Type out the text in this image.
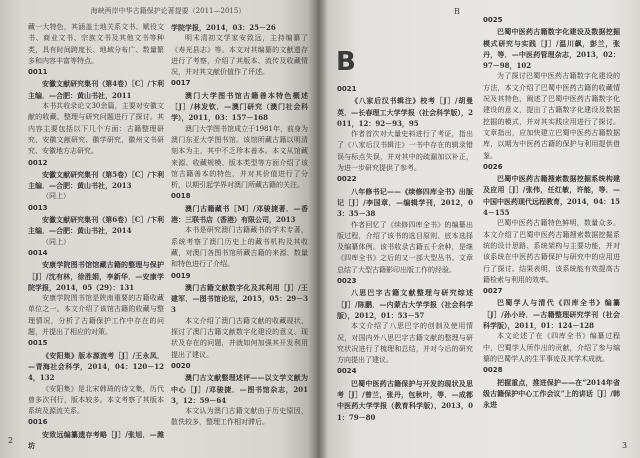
海峡两岸中华古籍保护论著提要（2011—2015）	B
藏一大特色，其涵盖土地关系文书、赋役文书、商业文书、宗族文书及其他文书等种类，具有时间跨度长、地域分布广、数量繁多和内容丰富等特点。
0011
安徽文献研究集刊（第4卷）［C］/卞利主编．—合肥：黄山书社，2011
本书共收录论文30余篇，主要对安徽文献的收藏、整理与研究问题进行了探讨。其内容主要包括以下几个方面：古籍整理研究、安徽文献研究、徽学研究、徽州文书研究、安徽地方志研究。
0012
安徽文献研究集刊（第5卷）［C］/卞利主编．—合肥：黄山书社，2013
（同上）
0013
安徽文献研究集刊（第6卷）［C］/卞利主编．—合肥：黄山书社，2014
（同上）
0014
安康学院图书馆馆藏古籍的整理与保护［J］/沈有林，徐胜娟，李新华．—安康学院学报，2014，05（29）：131
安康学院图书馆是陕南重要的古籍收藏单位之一。本文介绍了该馆古籍的收藏与整理情况，分析了古籍保护工作中存在的问题，并提出了相应的对策。
0015
《安阳集》版本源流考［J］/王永凤．—青海社会科学，2014，04：120－124，132
《安阳集》是北宋韩琦的诗文集，历代曾多次刊行，版本较多。本文考察了其版本系统及源流关系。
0016
安致远编纂遗存考略［J］/张旭．—潍坊
学院学报，2014，03：25－26
明末清初文学家安致远，主持编纂了《寿光县志》等。本文对其编纂的文献遗存进行了考察，介绍了其版本、流传及收藏情况，并对其文献价值作了评述。
0017
澳门大学图书馆古籍善本特色概述［J］/林发钦．—澳门研究（澳门社会科学），2011，03：157－168
澳门大学图书馆成立于1981年，前身为澳门东亚大学图书馆。该馆所藏古籍以明清刻本为主，其中不乏珍本善本。本文从馆藏来源、收藏规模、版本类型等方面介绍了该馆古籍善本的特色，并对其价值进行了分析，以期引起学界对澳门所藏古籍的关注。
0018
澳门古籍藏书［M］/邓骏捷著．—香港：三联书店（香港）有限公司，2013
本书是研究澳门古籍藏书的学术专著，系统考察了澳门历史上的藏书机构及其收藏，对澳门各图书馆所藏古籍的来源、数量和特色进行了介绍。
0019
澳门古籍文献数字化及其利用［J］/王建军．—图书馆论坛，2015，05：29－33
本文介绍了澳门古籍文献的收藏现状，探讨了澳门古籍文献数字化建设的意义、现状及存在的问题，并就如何加强其开发利用提出了建议。
0020
澳门古文献整理述评——以文学文献为中心［J］/邓骏捷．—图书馆杂志，2013，12：59－64
本文认为澳门古籍文献由于历史原因，散佚较多，整理工作相对滞后。
B
0021
《八家后汉书辑注》校考［J］/胡曼英．—长春理工大学学报（社会科学版），2011，12：92－93，95
作者首次对大量史料进行了考证，指出了《八家后汉书辑注》一书中存在的辑录错误与标点失误，并对其中的疏漏加以补正，为进一步研究提供了参考。
0022
八年修书记——《续修四库全书》出版记［J］/李国章．—编辑学刊，2012，03：35－38
作者回忆了《续修四库全书》的编纂出版过程，介绍了该书的选目原则、底本选择及编纂体例。该书收录古籍五千余种，是继《四库全书》之后的又一部大型丛书。文章总结了大型古籍影印出版工作的经验。
0023
八思巴字古籍文献整理与研究综述［J］/陈鹏．—内蒙古大学学报（社会科学版），2012，01：53－57
本文介绍了八思巴字的创制及使用情况，对国内外八思巴字古籍文献的整理与研究状况进行了梳理和总结，并对今后的研究方向提出了建议。
0024
巴蜀中医药古籍保护与开发的现状及思考［J］/曾兰，张丹，包秋叶，等．—成都中医药大学学报（教育科学版），2013，01：79－80
0025
巴蜀中医药古籍数字化建设及数据挖掘模式研究与实践［J］/温川飙，彭兰，张丹，等．—中医药管理杂志，2013，02：97－98，102
为了探讨巴蜀中医药古籍数字化建设的方法，本文介绍了巴蜀中医药古籍的收藏情况及其特色，阐述了巴蜀中医药古籍数字化建设的意义，提出了古籍数字化建设及数据挖掘的模式，并对其实践应用进行了探讨。文章指出，应加快建立巴蜀中医药古籍数据库，以期为中医药古籍的保护与利用提供借鉴。
0026
巴蜀中医药古籍搜索数据挖掘系统构建及应用［J］/张伟，任红敏，许能，等．—中国中医药现代远程教育，2014，04：154－155
巴蜀中医药古籍特色鲜明，数量众多。本文介绍了巴蜀中医药古籍搜索数据挖掘系统的设计思路、系统架构与主要功能，并对该系统在中医药古籍保护与研究中的应用进行了探讨。结果表明，该系统能有效提高古籍检索与利用的效率。
0027
巴蜀学人与清代《四库全书》编纂［J］/孙小玲．—古籍整理研究学刊（社会科学版），2011，01：124－128
本文论述了在《四库全书》编纂过程中，巴蜀学人所作出的贡献，介绍了参与编纂的巴蜀学人的生平事迹及其学术成就。
0028
把握重点，推进保护——在“2014年省级古籍保护中心工作会议”上的讲话［J］/韩永进
2
3
